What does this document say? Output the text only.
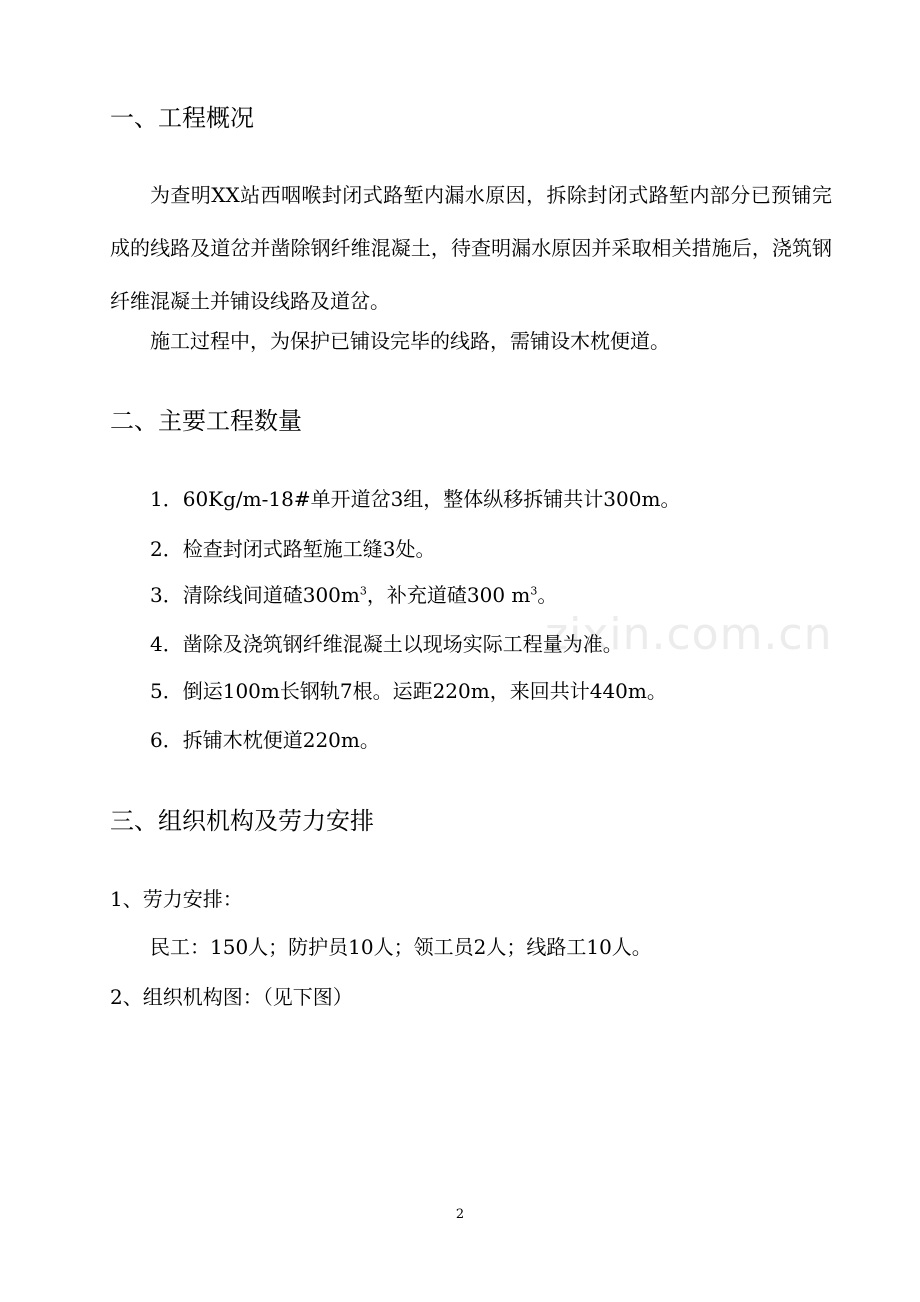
zixin.com.cn
一、工程概况
为查明XX站西咽喉封闭式路堑内漏水原因，拆除封闭式路堑内部分已预铺完成的线路及道岔并凿除钢纤维混凝土，待查明漏水原因并采取相关措施后，浇筑钢纤维混凝土并铺设线路及道岔。
施工过程中，为保护已铺设完毕的线路，需铺设木枕便道。
二、主要工程数量
1．60Kg/m-18#单开道岔3组，整体纵移拆铺共计300m。
2．检查封闭式路堑施工缝3处。
3．清除线间道碴$300m^3$，补充道碴300 $m^3$。
4．凿除及浇筑钢纤维混凝土以现场实际工程量为准。
5．倒运100m长钢轨7根。运距220m，来回共计440m。
6．拆铺木枕便道220m。
三、组织机构及劳力安排
1、劳力安排：
民工：150人；防护员10人；领工员2人；线路工10人。
2、组织机构图：（见下图）
2
